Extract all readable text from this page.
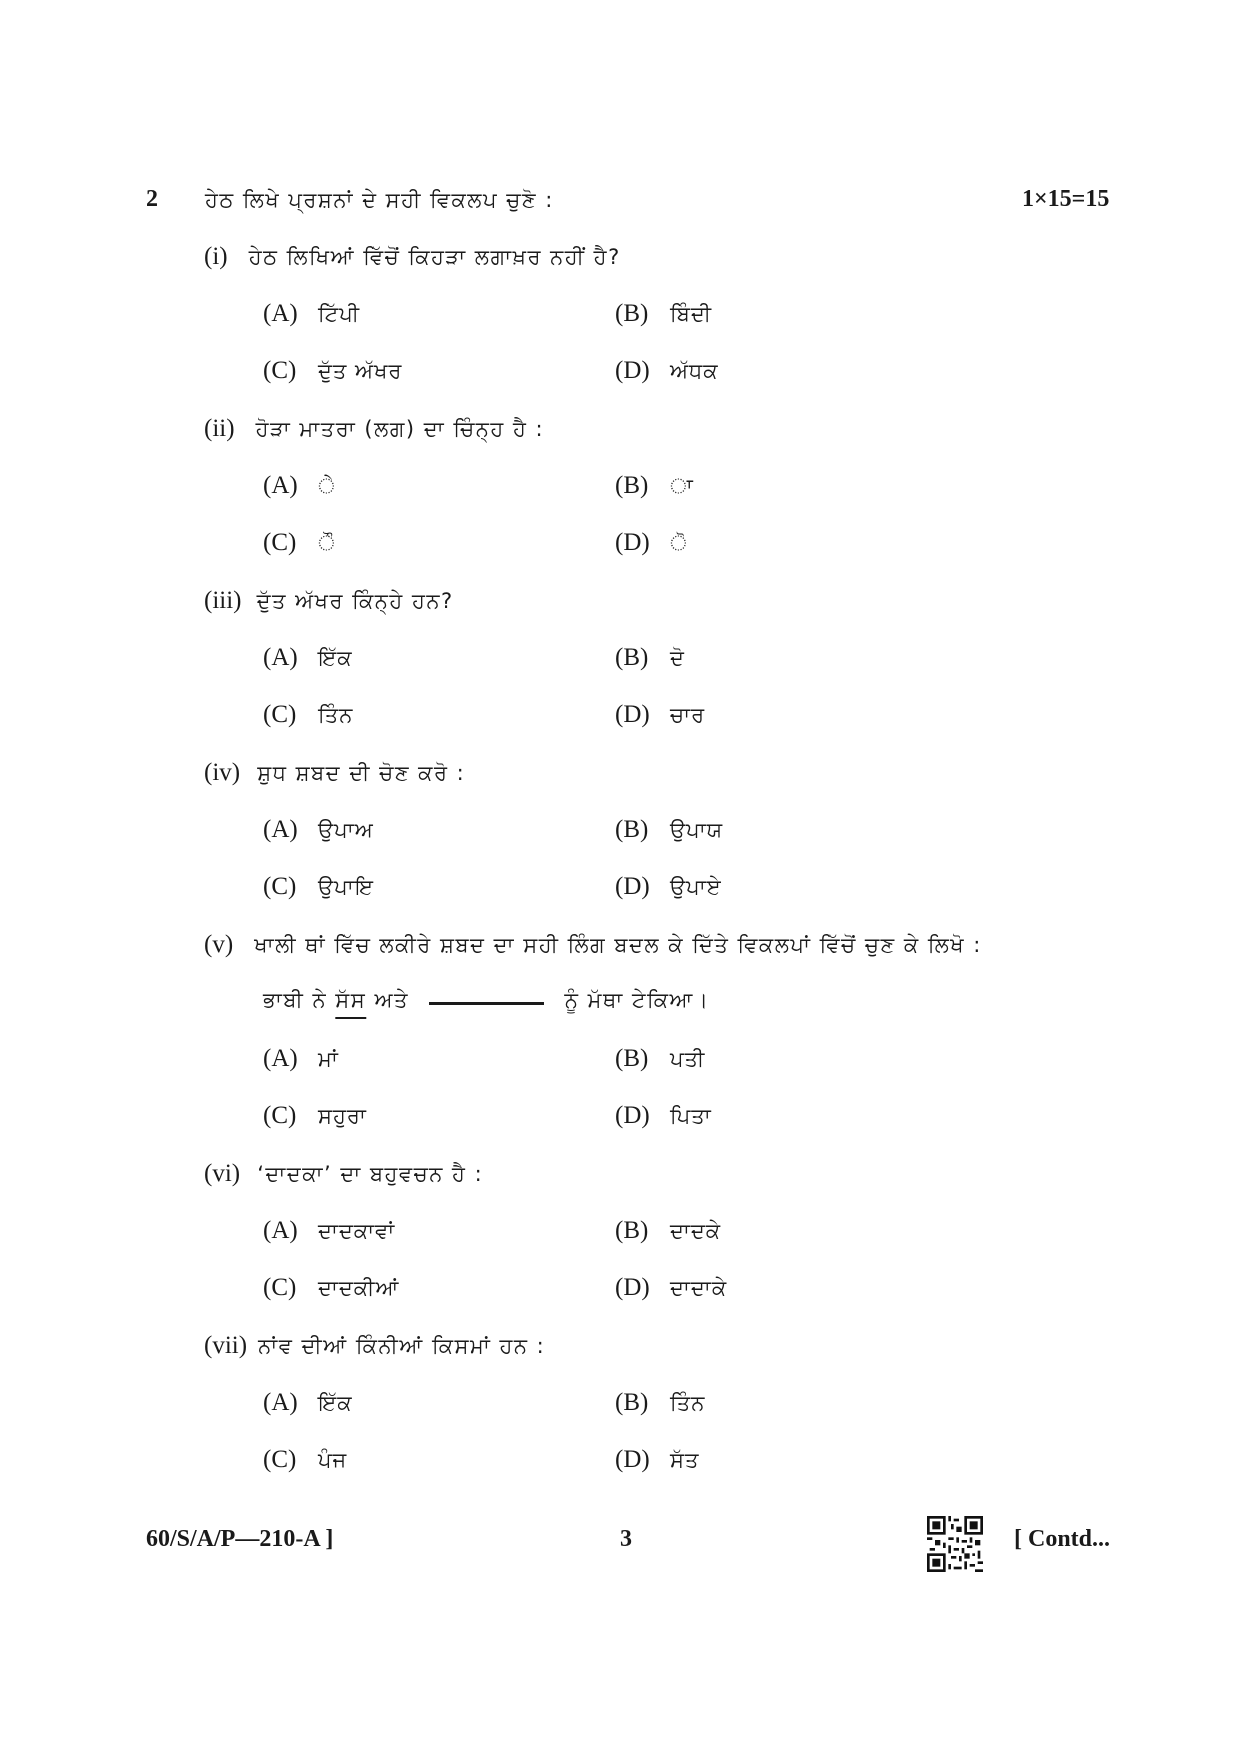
2 ਹੇਠ ਲਿਖੇ ਪ੍ਰਸ਼ਨਾਂ ਦੇ ਸਹੀ ਵਿਕਲਪ ਚੁਣੋ :	1×15=15
(i) ਹੇਠ ਲਿਖਿਆਂ ਵਿੱਚੋਂ ਕਿਹੜਾ ਲਗਾਖ਼ਰ ਨਹੀਂ ਹੈ?
(A) ਟਿੱਪੀ	(B) ਬਿੰਦੀ
(C) ਦੁੱਤ ਅੱਖਰ	(D) ਅੱਧਕ
(ii) ਹੋੜਾ ਮਾਤਰਾ (ਲਗ) ਦਾ ਚਿੰਨ੍ਹ ਹੈ :
(A) ੇ	(B) ਾ
(C) ੌ	(D) ੋ
(iii) ਦੁੱਤ ਅੱਖਰ ਕਿੰਨ੍ਹੇ ਹਨ?
(A) ਇੱਕ	(B) ਦੋ
(C) ਤਿੰਨ	(D) ਚਾਰ
(iv) ਸ਼ੁਧ ਸ਼ਬਦ ਦੀ ਚੋਣ ਕਰੋ :
(A) ਉਪਾਅ	(B) ਉਪਾਯ
(C) ਉਪਾਇ	(D) ਉਪਾਏ
(v) ਖਾਲੀ ਥਾਂ ਵਿੱਚ ਲਕੀਰੇ ਸ਼ਬਦ ਦਾ ਸਹੀ ਲਿੰਗ ਬਦਲ ਕੇ ਦਿੱਤੇ ਵਿਕਲਪਾਂ ਵਿੱਚੋਂ ਚੁਣ ਕੇ ਲਿਖੋ :
ਭਾਬੀ ਨੇ ਸੱਸ ਅਤੇ	ਨੂੰ ਮੱਥਾ ਟੇਕਿਆ।
(A) ਮਾਂ	(B) ਪਤੀ
(C) ਸਹੁਰਾ	(D) ਪਿਤਾ
(vi) ‘ਦਾਦਕਾ’ ਦਾ ਬਹੁਵਚਨ ਹੈ :
(A) ਦਾਦਕਾਵਾਂ	(B) ਦਾਦਕੇ
(C) ਦਾਦਕੀਆਂ	(D) ਦਾਦਾਕੇ
(vii) ਨਾਂਵ ਦੀਆਂ ਕਿੰਨੀਆਂ ਕਿਸਮਾਂ ਹਨ :
(A) ਇੱਕ	(B) ਤਿੰਨ
(C) ਪੰਜ	(D) ਸੱਤ
60/S/A/P—210-A ]	3	[ Contd...
